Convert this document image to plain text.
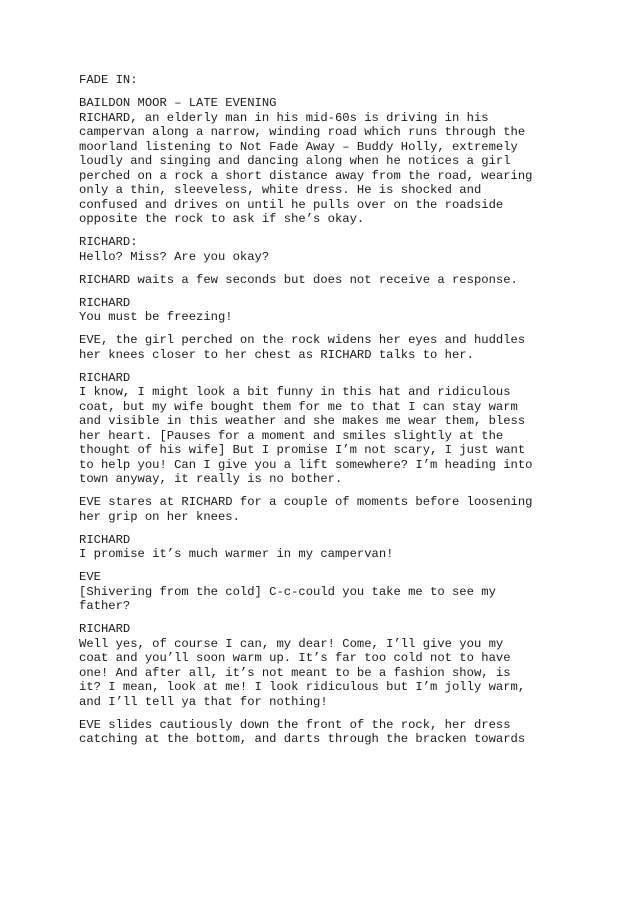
FADE IN:
BAILDON MOOR – LATE EVENING
RICHARD, an elderly man in his mid-60s is driving in his
campervan along a narrow, winding road which runs through the
moorland listening to Not Fade Away – Buddy Holly, extremely
loudly and singing and dancing along when he notices a girl
perched on a rock a short distance away from the road, wearing
only a thin, sleeveless, white dress. He is shocked and
confused and drives on until he pulls over on the roadside
opposite the rock to ask if she’s okay.
RICHARD:
Hello? Miss? Are you okay?
RICHARD waits a few seconds but does not receive a response.
RICHARD
You must be freezing!
EVE, the girl perched on the rock widens her eyes and huddles
her knees closer to her chest as RICHARD talks to her.
RICHARD
I know, I might look a bit funny in this hat and ridiculous
coat, but my wife bought them for me to that I can stay warm
and visible in this weather and she makes me wear them, bless
her heart. [Pauses for a moment and smiles slightly at the
thought of his wife] But I promise I’m not scary, I just want
to help you! Can I give you a lift somewhere? I’m heading into
town anyway, it really is no bother.
EVE stares at RICHARD for a couple of moments before loosening
her grip on her knees.
RICHARD
I promise it’s much warmer in my campervan!
EVE
[Shivering from the cold] C-c-could you take me to see my
father?
RICHARD
Well yes, of course I can, my dear! Come, I’ll give you my
coat and you’ll soon warm up. It’s far too cold not to have
one! And after all, it’s not meant to be a fashion show, is
it? I mean, look at me! I look ridiculous but I’m jolly warm,
and I’ll tell ya that for nothing!
EVE slides cautiously down the front of the rock, her dress
catching at the bottom, and darts through the bracken towards
